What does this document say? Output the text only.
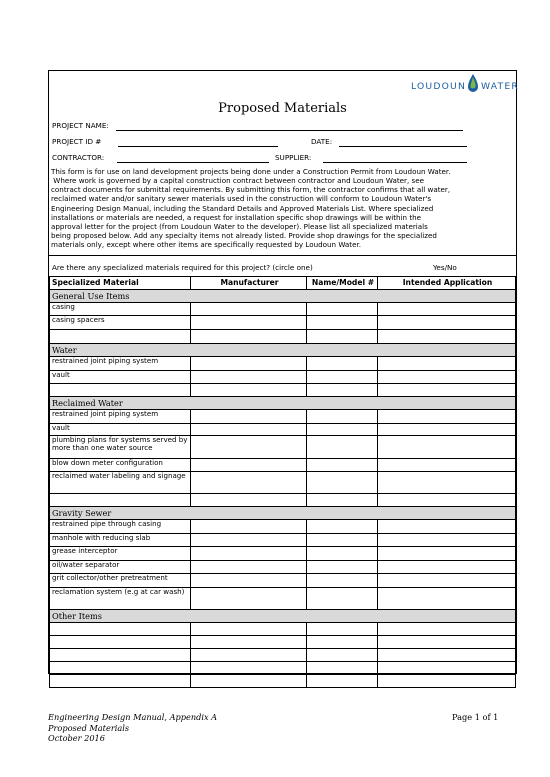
LOUDOUN WATER
Proposed Materials
PROJECT NAME:
PROJECT ID #	DATE:
CONTRACTOR:	SUPPLIER:
This form is for use on land development projects being done under a Construction Permit from Loudoun Water.
Where work is governed by a capital construction contract between contractor and Loudoun Water, see
contract documents for submittal requirements. By submitting this form, the contractor confirms that all water,
reclaimed water and/or sanitary sewer materials used in the construction will conform to Loudoun Water's
Engineering Design Manual, including the Standard Details and Approved Materials List. Where specialized
installations or materials are needed, a request for installation specific shop drawings will be within the
approval letter for the project (from Loudoun Water to the developer). Please list all specialized materials
being proposed below. Add any specialty items not already listed. Provide shop drawings for the specialized
materials only, except where other items are specifically requested by Loudoun Water.
Are there any specialized materials required for this project? (circle one)	Yes/No
Specialized Material	Manufacturer	Name/Model #	Intended Application
General Use Items			
casing			
casing spacers			

Water			
restrained joint piping system			
vault			

Reclaimed Water			
restrained joint piping system			
vault			
plumbing plans for systems served by more than one water source			
blow down meter configuration			
reclaimed water labeling and signage			

Gravity Sewer			
restrained pipe through casing			
manhole with reducing slab			
grease interceptor			
oil/water separator			
grit collector/other pretreatment			
reclamation system (e.g at car wash)			
Other Items			

Engineering Design Manual, Appendix A
Proposed Materials
October 2016
Page 1 of 1
